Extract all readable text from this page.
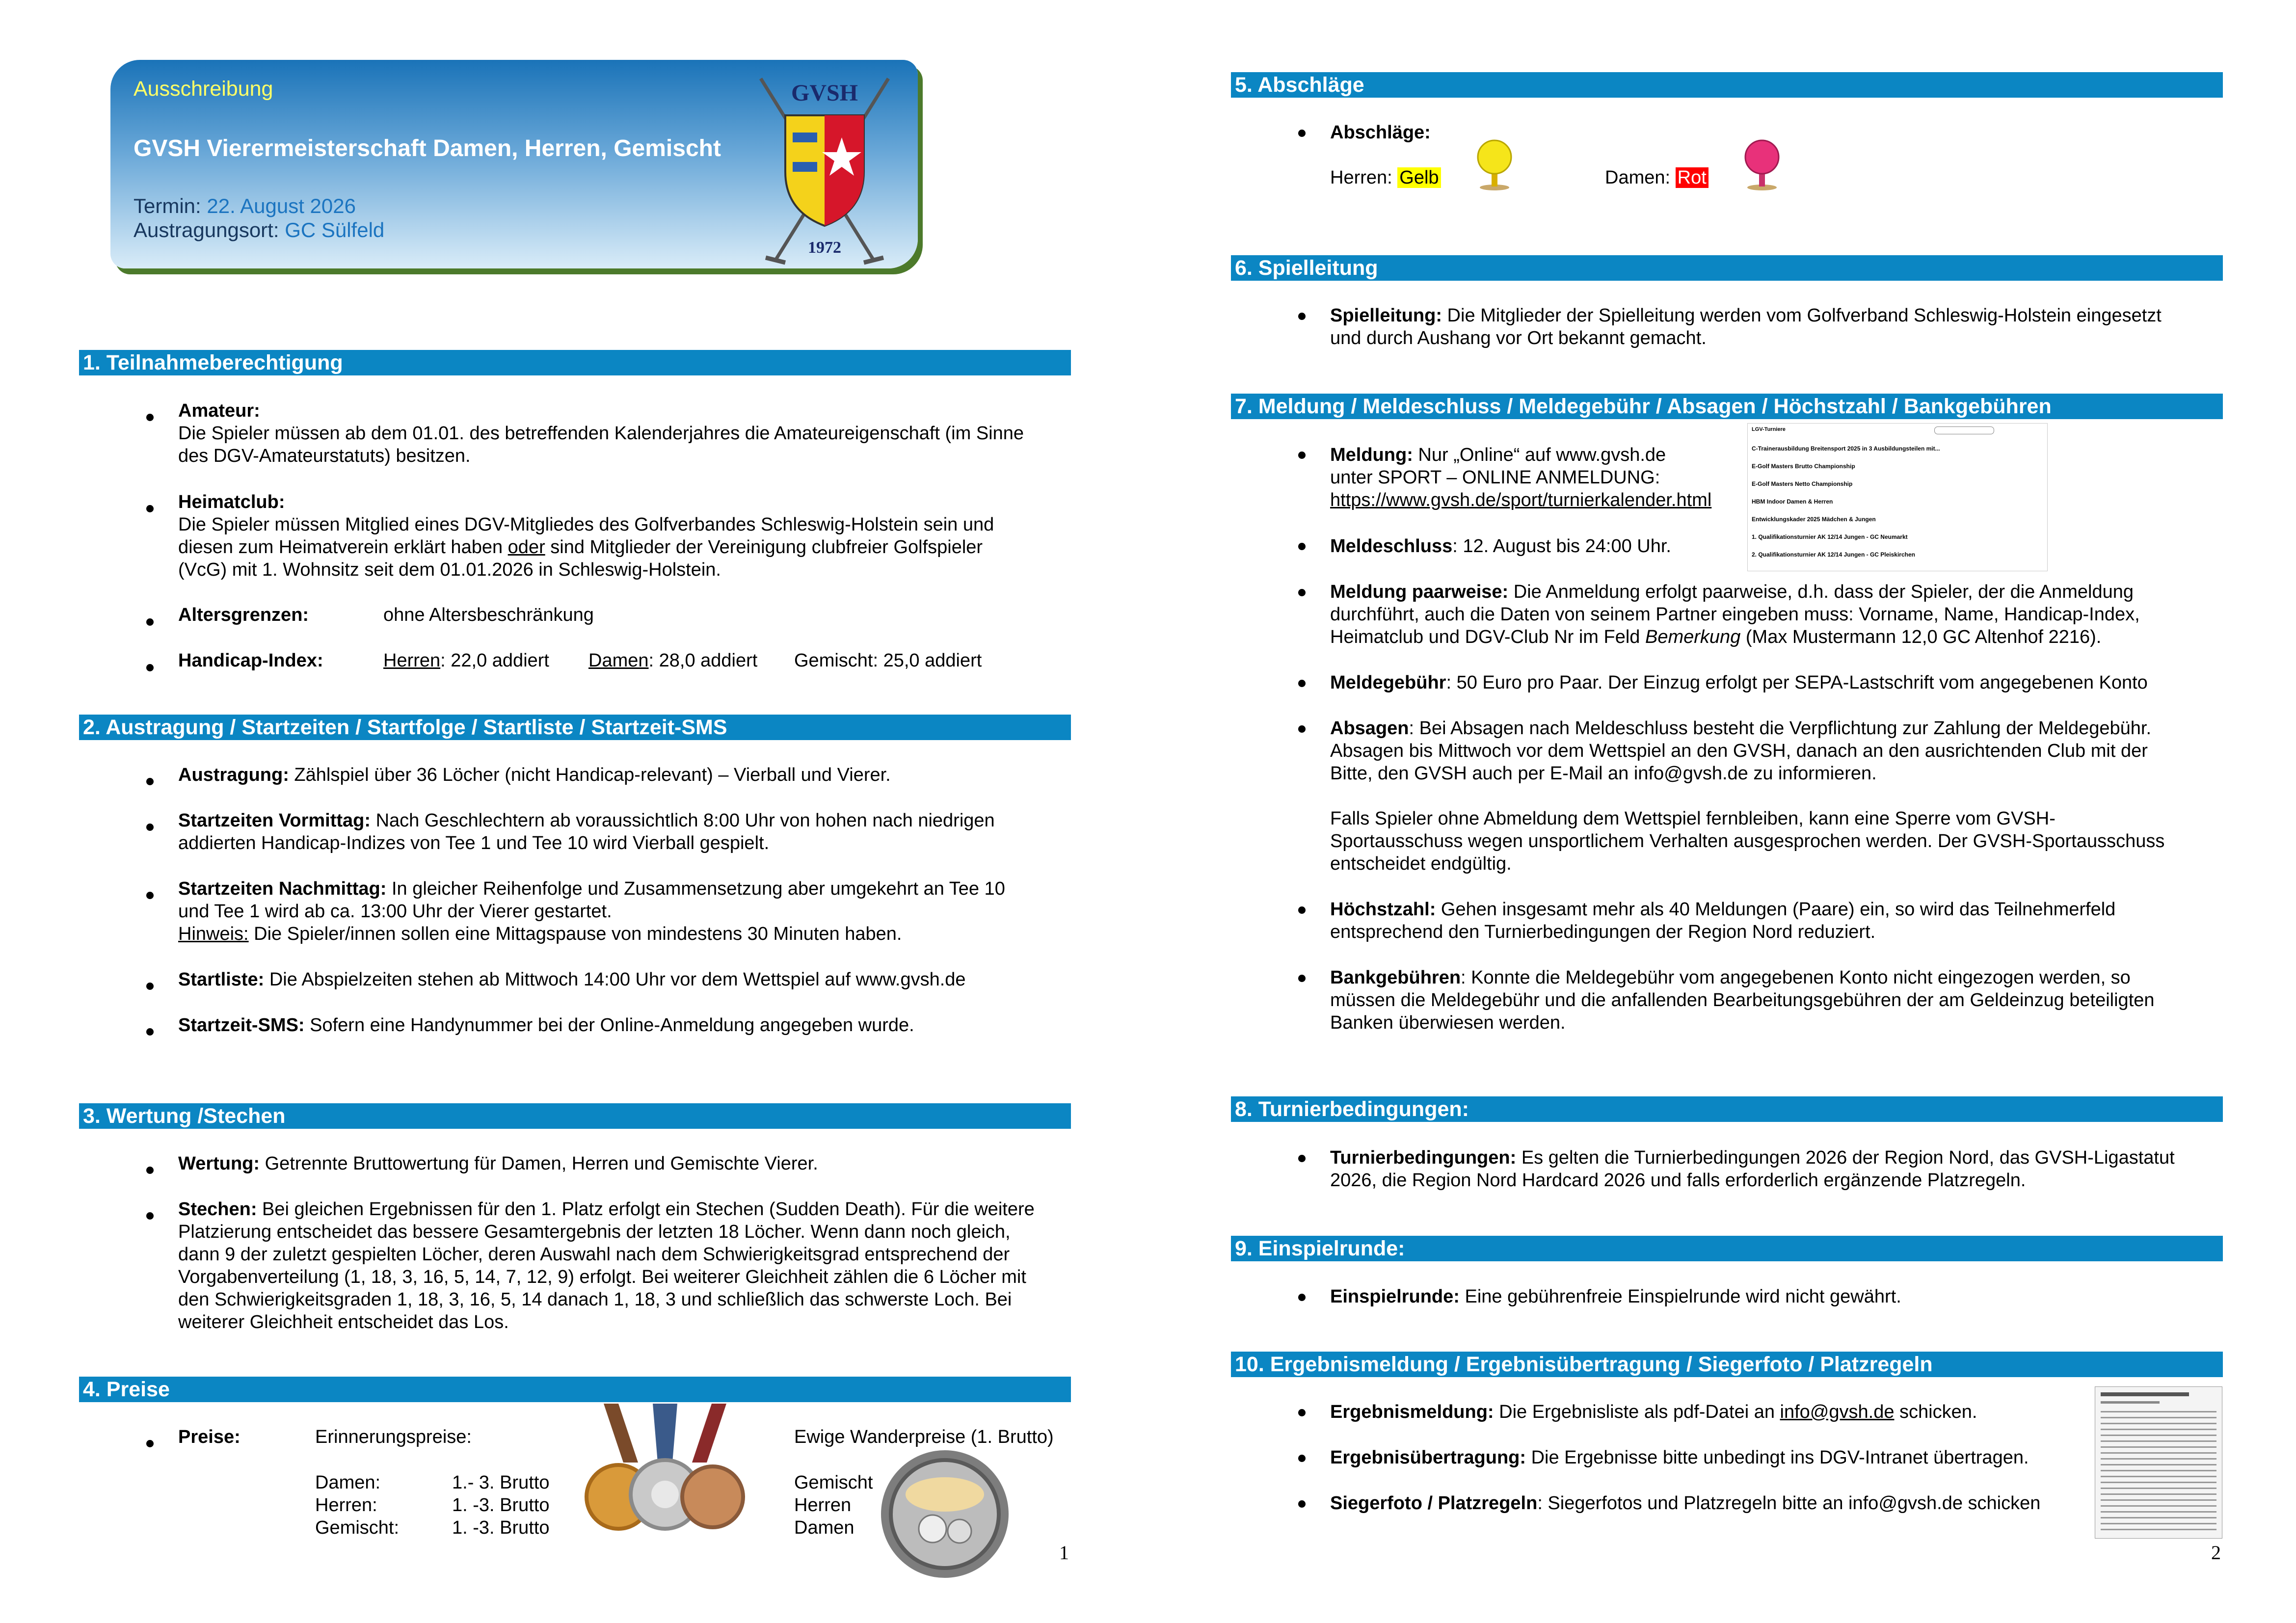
Ausschreibung
GVSH Vierermeisterschaft Damen, Herren, Gemischt
Termin: 22. August 2026
Austragungsort: GC Sülfeld
GVSH
1972
1. Teilnahmeberechtigung
Amateur:
Die Spieler müssen ab dem 01.01. des betreffenden Kalenderjahres die Amateureigenschaft (im Sinne
des DGV-Amateurstatuts) besitzen.
Heimatclub:
Die Spieler müssen Mitglied eines DGV-Mitgliedes des Golfverbandes Schleswig-Holstein sein und
diesen zum Heimatverein erklärt haben oder sind Mitglieder der Vereinigung clubfreier Golfspieler
(VcG) mit 1. Wohnsitz seit dem 01.01.2026 in Schleswig-Holstein.
Altersgrenzen:	ohne Altersbeschränkung
Handicap-Index:	Herren: 22,0 addiert Damen: 28,0 addiert Gemischt: 25,0 addiert
2. Austragung / Startzeiten / Startfolge / Startliste / Startzeit-SMS
Austragung: Zählspiel über 36 Löcher (nicht Handicap-relevant) – Vierball und Vierer.
Startzeiten Vormittag: Nach Geschlechtern ab voraussichtlich 8:00 Uhr von hohen nach niedrigen
addierten Handicap-Indizes von Tee 1 und Tee 10 wird Vierball gespielt.
Startzeiten Nachmittag: In gleicher Reihenfolge und Zusammensetzung aber umgekehrt an Tee 10
und Tee 1 wird ab ca. 13:00 Uhr der Vierer gestartet.
Hinweis: Die Spieler/innen sollen eine Mittagspause von mindestens 30 Minuten haben.
Startliste: Die Abspielzeiten stehen ab Mittwoch 14:00 Uhr vor dem Wettspiel auf www.gvsh.de
Startzeit-SMS: Sofern eine Handynummer bei der Online-Anmeldung angegeben wurde.
3. Wertung /Stechen
Wertung: Getrennte Bruttowertung für Damen, Herren und Gemischte Vierer.
Stechen: Bei gleichen Ergebnissen für den 1. Platz erfolgt ein Stechen (Sudden Death). Für die weitere
Platzierung entscheidet das bessere Gesamtergebnis der letzten 18 Löcher. Wenn dann noch gleich,
dann 9 der zuletzt gespielten Löcher, deren Auswahl nach dem Schwierigkeitsgrad entsprechend der
Vorgabenverteilung (1, 18, 3, 16, 5, 14, 7, 12, 9) erfolgt. Bei weiterer Gleichheit zählen die 6 Löcher mit
den Schwierigkeitsgraden 1, 18, 3, 16, 5, 14 danach 1, 18, 3 und schließlich das schwerste Loch. Bei
weiterer Gleichheit entscheidet das Los.
4. Preise
Preise:	Erinnerungspreise:	Ewige Wanderpreise (1. Brutto)
Damen:	1.- 3. Brutto	Gemischt
Herren:	1. -3. Brutto	Herren
Gemischt:	1. -3. Brutto	Damen
1
5. Abschläge
Abschläge:
Herren: Gelb	Damen: Rot
6. Spielleitung
Spielleitung: Die Mitglieder der Spielleitung werden vom Golfverband Schleswig-Holstein eingesetzt
und durch Aushang vor Ort bekannt gemacht.
7. Meldung / Meldeschluss / Meldegebühr / Absagen / Höchstzahl / Bankgebühren
Meldung: Nur „Online“ auf www.gvsh.de
unter SPORT – ONLINE ANMELDUNG:
https://www.gvsh.de/sport/turnierkalender.html
LGV-Turniere
C-Trainerausbildung Breitensport 2025 in 3 Ausbildungsteilen mit...
E-Golf Masters Brutto Championship
E-Golf Masters Netto Championship
HBM Indoor Damen & Herren
Entwicklungskader 2025 Mädchen & Jungen
1. Qualifikationsturnier AK 12/14 Jungen - GC Neumarkt
2. Qualifikationsturnier AK 12/14 Jungen - GC Pleiskirchen
Meldeschluss: 12. August bis 24:00 Uhr.
Meldung paarweise: Die Anmeldung erfolgt paarweise, d.h. dass der Spieler, der die Anmeldung
durchführt, auch die Daten von seinem Partner eingeben muss: Vorname, Name, Handicap-Index,
Heimatclub und DGV-Club Nr im Feld Bemerkung (Max Mustermann 12,0 GC Altenhof 2216).
Meldegebühr: 50 Euro pro Paar. Der Einzug erfolgt per SEPA-Lastschrift vom angegebenen Konto
Absagen: Bei Absagen nach Meldeschluss besteht die Verpflichtung zur Zahlung der Meldegebühr.
Absagen bis Mittwoch vor dem Wettspiel an den GVSH, danach an den ausrichtenden Club mit der
Bitte, den GVSH auch per E-Mail an info@gvsh.de zu informieren.
Falls Spieler ohne Abmeldung dem Wettspiel fernbleiben, kann eine Sperre vom GVSH-
Sportausschuss wegen unsportlichem Verhalten ausgesprochen werden. Der GVSH-Sportausschuss
entscheidet endgültig.
Höchstzahl: Gehen insgesamt mehr als 40 Meldungen (Paare) ein, so wird das Teilnehmerfeld
entsprechend den Turnierbedingungen der Region Nord reduziert.
Bankgebühren: Konnte die Meldegebühr vom angegebenen Konto nicht eingezogen werden, so
müssen die Meldegebühr und die anfallenden Bearbeitungsgebühren der am Geldeinzug beteiligten
Banken überwiesen werden.
8. Turnierbedingungen:
Turnierbedingungen: Es gelten die Turnierbedingungen 2026 der Region Nord, das GVSH-Ligastatut
2026, die Region Nord Hardcard 2026 und falls erforderlich ergänzende Platzregeln.
9. Einspielrunde:
Einspielrunde: Eine gebührenfreie Einspielrunde wird nicht gewährt.
10. Ergebnismeldung / Ergebnisübertragung / Siegerfoto / Platzregeln
Ergebnismeldung: Die Ergebnisliste als pdf-Datei an info@gvsh.de schicken.
Ergebnisübertragung: Die Ergebnisse bitte unbedingt ins DGV-Intranet übertragen.
Siegerfoto / Platzregeln: Siegerfotos und Platzregeln bitte an info@gvsh.de schicken
2
